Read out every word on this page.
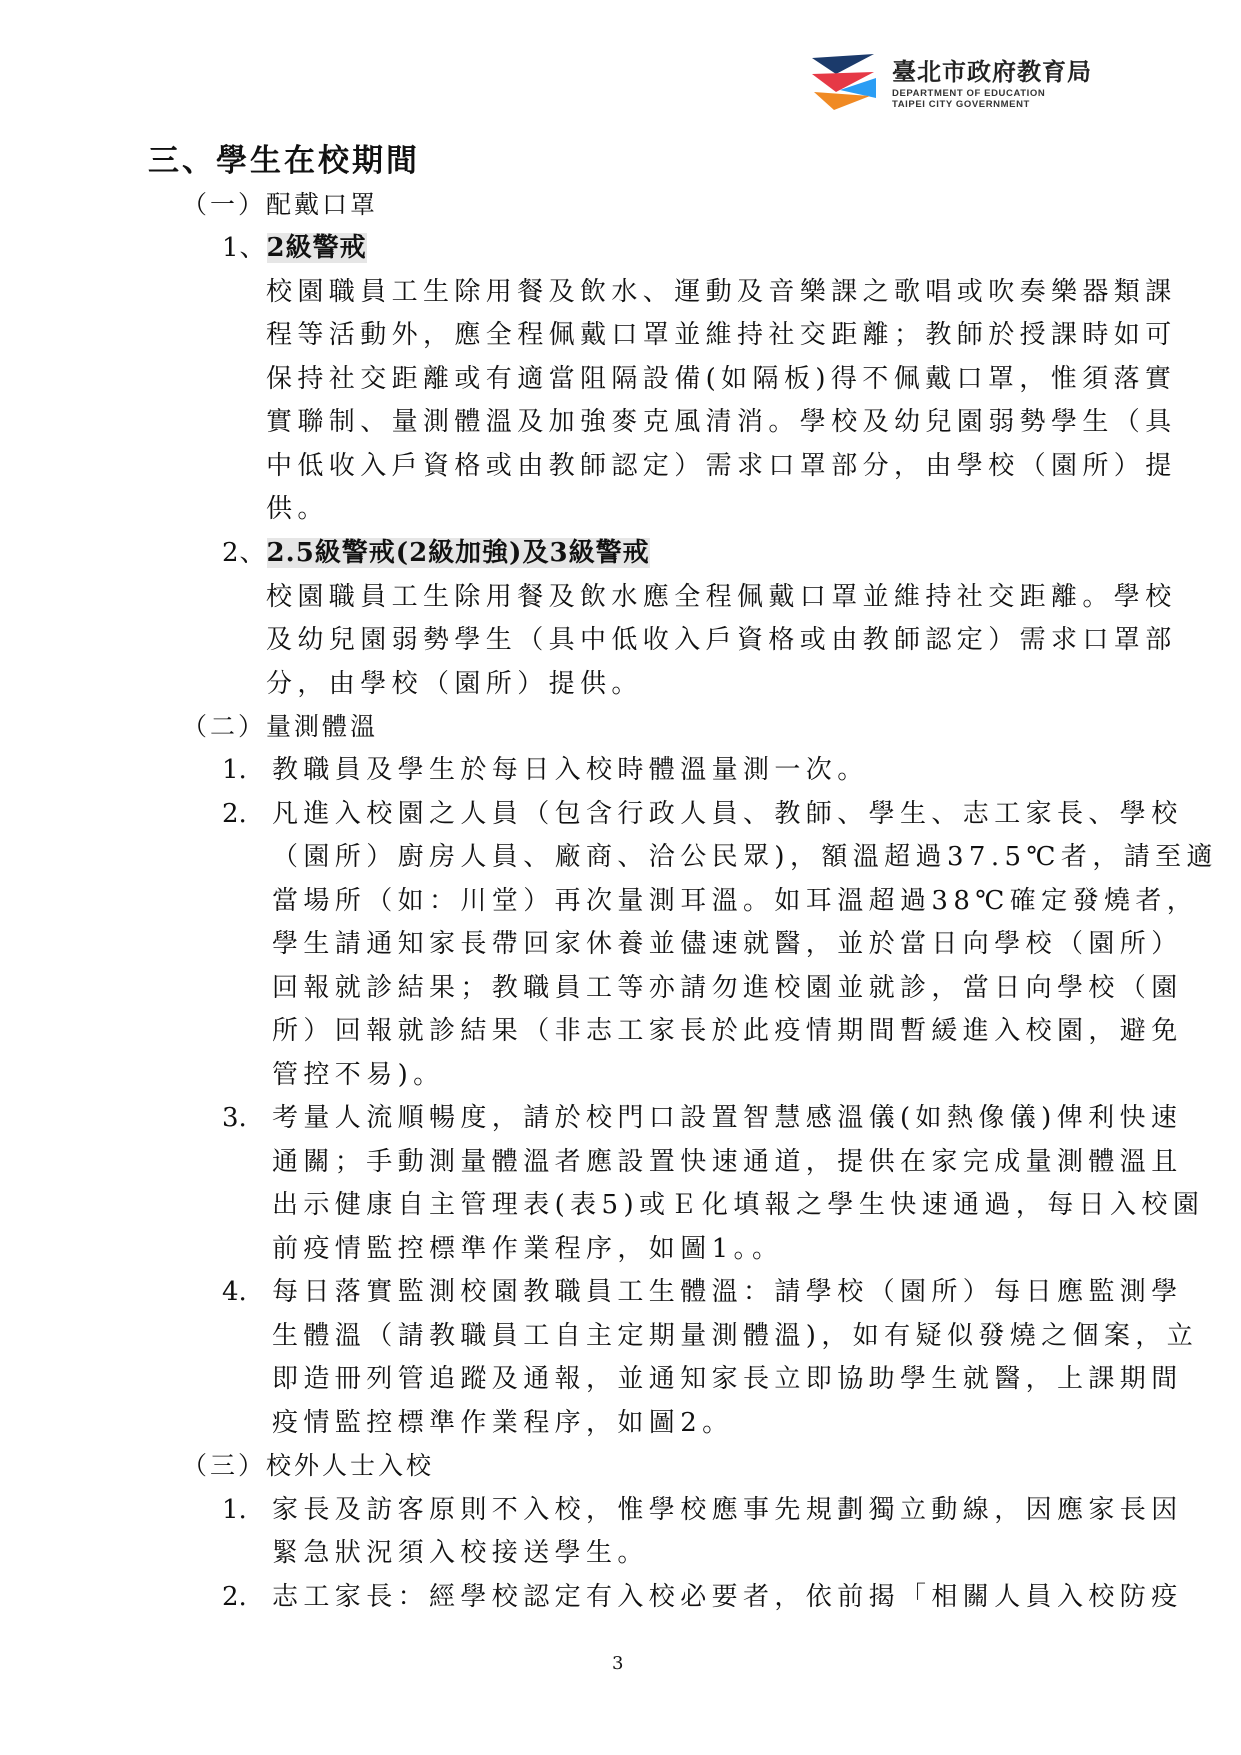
臺北市政府教育局
DEPARTMENT OF EDUCATION
TAIPEI CITY GOVERNMENT
三、學生在校期間
（一）配戴口罩
1、2級警戒
校園職員工生除用餐及飲水、運動及音樂課之歌唱或吹奏樂器類課
程等活動外，應全程佩戴口罩並維持社交距離；教師於授課時如可
保持社交距離或有適當阻隔設備(如隔板)得不佩戴口罩，惟須落實
實聯制、量測體溫及加強麥克風清消。學校及幼兒園弱勢學生（具
中低收入戶資格或由教師認定）需求口罩部分，由學校（園所）提
供。
2、2.5級警戒(2級加強)及3級警戒
校園職員工生除用餐及飲水應全程佩戴口罩並維持社交距離。學校
及幼兒園弱勢學生（具中低收入戶資格或由教師認定）需求口罩部
分，由學校（園所）提供。
（二）量測體溫
1. 教職員及學生於每日入校時體溫量測一次。
2. 凡進入校園之人員（包含行政人員、教師、學生、志工家長、學校
（園所）廚房人員、廠商、洽公民眾)，額溫超過37.5℃者，請至適
當場所（如：川堂）再次量測耳溫。如耳溫超過38℃確定發燒者，
學生請通知家長帶回家休養並儘速就醫，並於當日向學校（園所）
回報就診結果；教職員工等亦請勿進校園並就診，當日向學校（園
所）回報就診結果（非志工家長於此疫情期間暫緩進入校園，避免
管控不易)。
3. 考量人流順暢度，請於校門口設置智慧感溫儀(如熱像儀)俾利快速
通關；手動測量體溫者應設置快速通道，提供在家完成量測體溫且
出示健康自主管理表(表5)或Ｅ化填報之學生快速通過，每日入校園
前疫情監控標準作業程序，如圖1。。
4. 每日落實監測校園教職員工生體溫：請學校（園所）每日應監測學
生體溫（請教職員工自主定期量測體溫)，如有疑似發燒之個案，立
即造冊列管追蹤及通報，並通知家長立即協助學生就醫，上課期間
疫情監控標準作業程序，如圖2。
（三）校外人士入校
1. 家長及訪客原則不入校，惟學校應事先規劃獨立動線，因應家長因
緊急狀況須入校接送學生。
2. 志工家長：經學校認定有入校必要者，依前揭「相關人員入校防疫
3
